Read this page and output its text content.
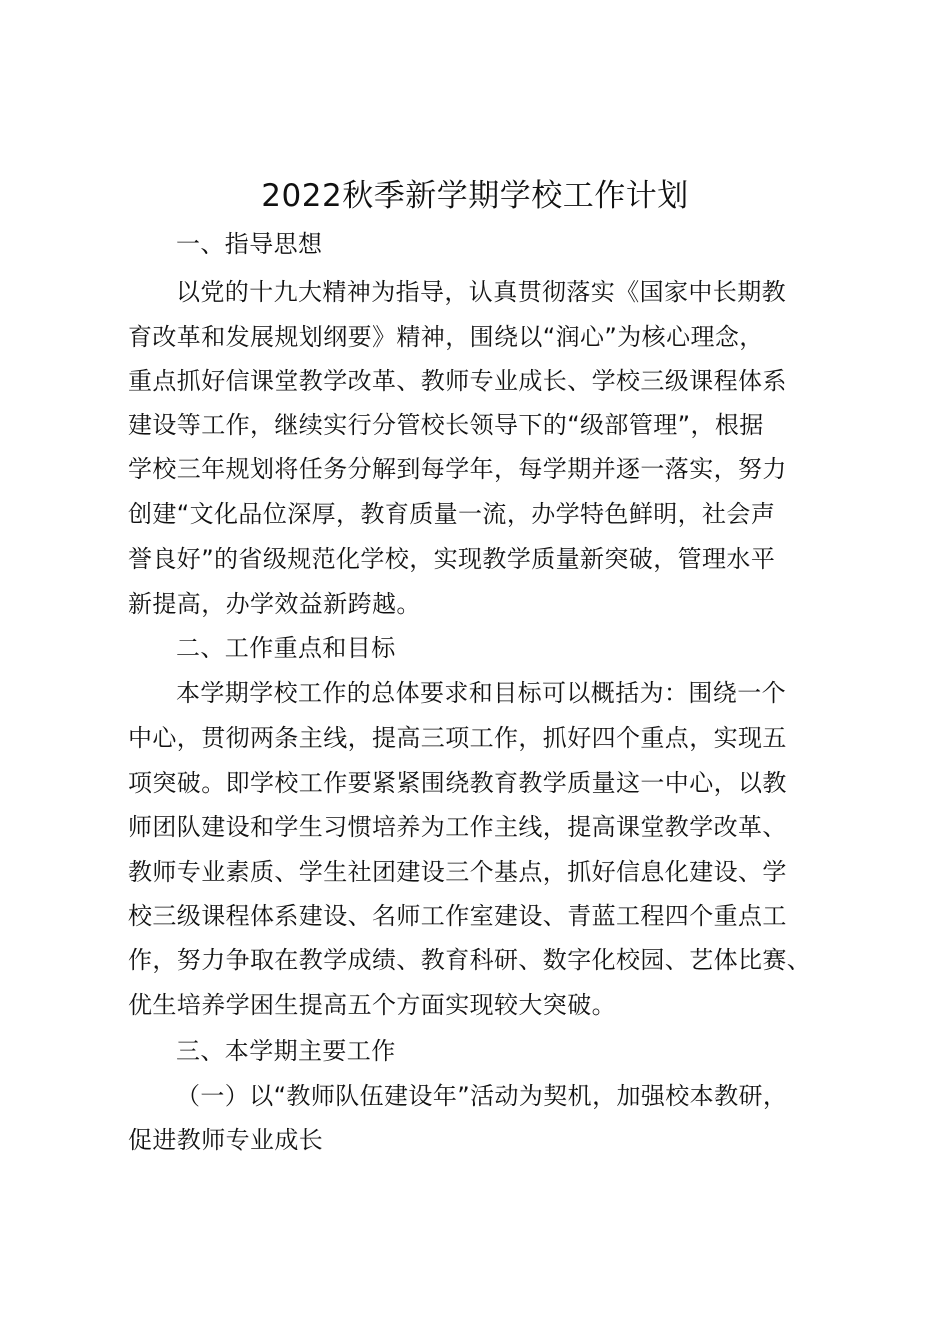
2022秋季新学期学校工作计划
一、指导思想
以党的十九大精神为指导，认真贯彻落实《国家中长期教
育改革和发展规划纲要》精神，围绕以“润心”为核心理念，
重点抓好信课堂教学改革、教师专业成长、学校三级课程体系
建设等工作，继续实行分管校长领导下的“级部管理”，根据
学校三年规划将任务分解到每学年，每学期并逐一落实，努力
创建“文化品位深厚，教育质量一流，办学特色鲜明，社会声
誉良好”的省级规范化学校，实现教学质量新突破，管理水平
新提高，办学效益新跨越。
二、工作重点和目标
本学期学校工作的总体要求和目标可以概括为：围绕一个
中心，贯彻两条主线，提高三项工作，抓好四个重点，实现五
项突破。即学校工作要紧紧围绕教育教学质量这一中心，以教
师团队建设和学生习惯培养为工作主线，提高课堂教学改革、
教师专业素质、学生社团建设三个基点，抓好信息化建设、学
校三级课程体系建设、名师工作室建设、青蓝工程四个重点工
作，努力争取在教学成绩、教育科研、数字化校园、艺体比赛、
优生培养学困生提高五个方面实现较大突破。
三、本学期主要工作
（一）以“教师队伍建设年”活动为契机，加强校本教研，
促进教师专业成长
